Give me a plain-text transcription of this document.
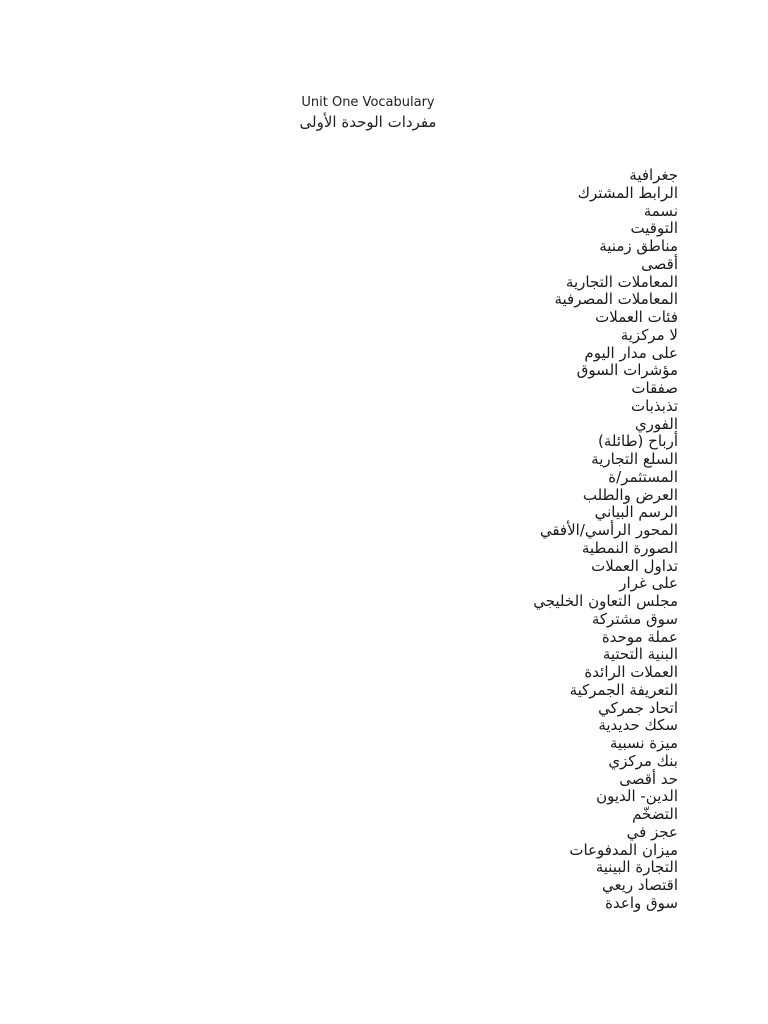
Unit One Vocabulary
مفردات الوحدة الأولى
جغرافية
الرابط المشترك
نسمة
التوقيت
مناطق زمنية
أقصى
المعاملات التجارية
المعاملات المصرفية
فئات العملات
لا مركزية
على مدار اليوم
مؤشرات السوق
صفقات
تذبذبات
الفوري
أرباح (طائلة)
السلع التجارية
المستثمر/ة
العرض والطلب
الرسم البياني
المحور الرأسي/الأفقي
الصورة النمطية
تداول العملات
على غرار
مجلس التعاون الخليجي
سوق مشتركة
عملة موحدة
البنية التحتية
العملات الرائدة
التعريفة الجمركية
اتحاد جمركي
سكك حديدية
ميزة نسبية
بنك مركزي
حد أقصى
الدين- الديون
التضخّم
عجز في
ميزان المدفوعات
التجارة البينية
اقتصاد ريعي
سوق واعدة
